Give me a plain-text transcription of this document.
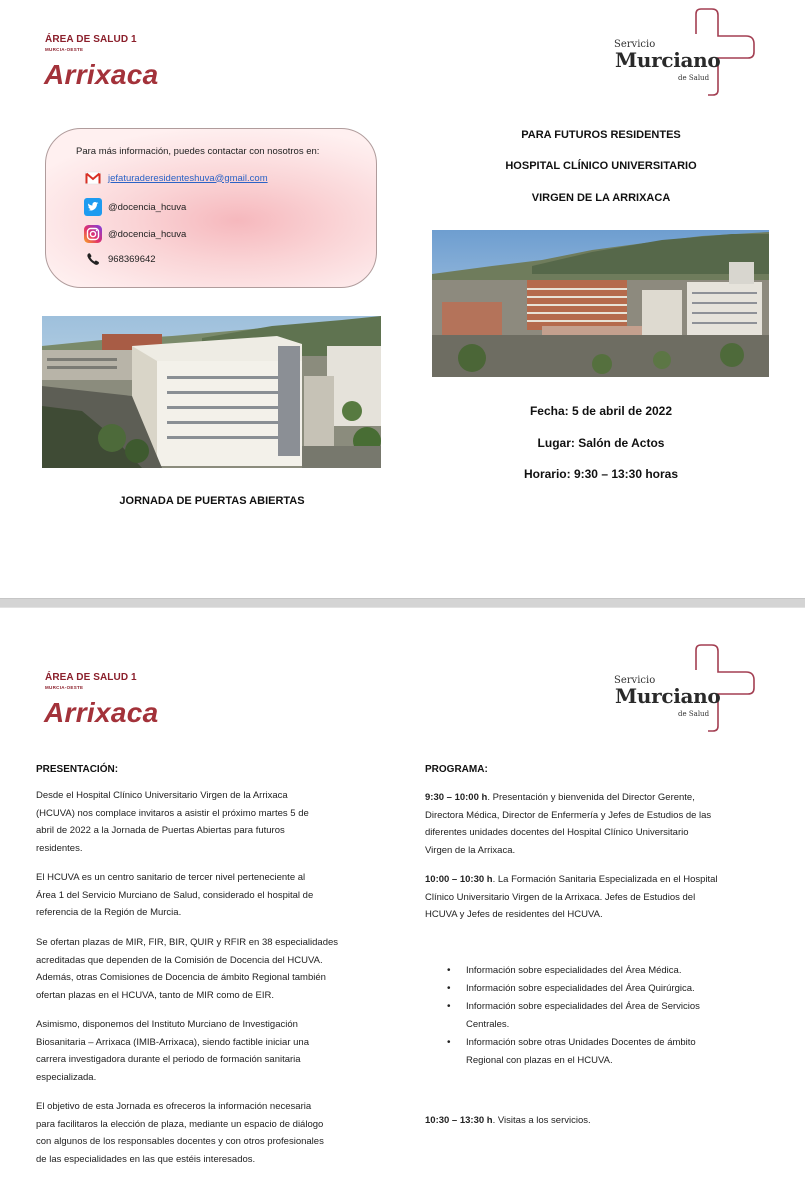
ÁREA DE SALUD 1
MURCIA-OESTE
Arrixaca
Servicio
Murciano
de Salud
Para más información, puedes contactar con nosotros en:
jefaturaderesidenteshuva@gmail.com
@docencia_hcuva
@docencia_hcuva
968369642
JORNADA DE PUERTAS ABIERTAS
PARA FUTUROS RESIDENTES
HOSPITAL CLÍNICO UNIVERSITARIO
VIRGEN DE LA ARRIXACA
Fecha: 5 de abril de 2022
Lugar: Salón de Actos
Horario: 9:30 – 13:30 horas
ÁREA DE SALUD 1
MURCIA-OESTE
Arrixaca
Servicio
Murciano
de Salud
PRESENTACIÓN:	PROGRAMA:
Desde el Hospital Clínico Universitario Virgen de la Arrixaca
(HCUVA) nos complace invitaros a asistir el próximo martes 5 de
abril de 2022 a la Jornada de Puertas Abiertas para futuros
residentes.
El HCUVA es un centro sanitario de tercer nivel perteneciente al
Área 1 del Servicio Murciano de Salud, considerado el hospital de
referencia de la Región de Murcia.
Se ofertan plazas de MIR, FIR, BIR, QUIR y RFIR en 38 especialidades
acreditadas que dependen de la Comisión de Docencia del HCUVA.
Además, otras Comisiones de Docencia de ámbito Regional también
ofertan plazas en el HCUVA, tanto de MIR como de EIR.
Asimismo, disponemos del Instituto Murciano de Investigación
Biosanitaria – Arrixaca (IMIB-Arrixaca), siendo factible iniciar una
carrera investigadora durante el periodo de formación sanitaria
especializada.
El objetivo de esta Jornada es ofreceros la información necesaria
para facilitaros la elección de plaza, mediante un espacio de diálogo
con algunos de los responsables docentes y con otros profesionales
de las especialidades en las que estéis interesados.
9:30 – 10:00 h. Presentación y bienvenida del Director Gerente,
Directora Médica, Director de Enfermería y Jefes de Estudios de las
diferentes unidades docentes del Hospital Clínico Universitario
Virgen de la Arrixaca.
10:00 – 10:30 h. La Formación Sanitaria Especializada en el Hospital
Clínico Universitario Virgen de la Arrixaca. Jefes de Estudios del
HCUVA y Jefes de residentes del HCUVA.
• Información sobre especialidades del Área Médica.
• Información sobre especialidades del Área Quirúrgica.
• Información sobre especialidades del Área de Servicios
Centrales.
• Información sobre otras Unidades Docentes de ámbito
Regional con plazas en el HCUVA.
10:30 – 13:30 h. Visitas a los servicios.
